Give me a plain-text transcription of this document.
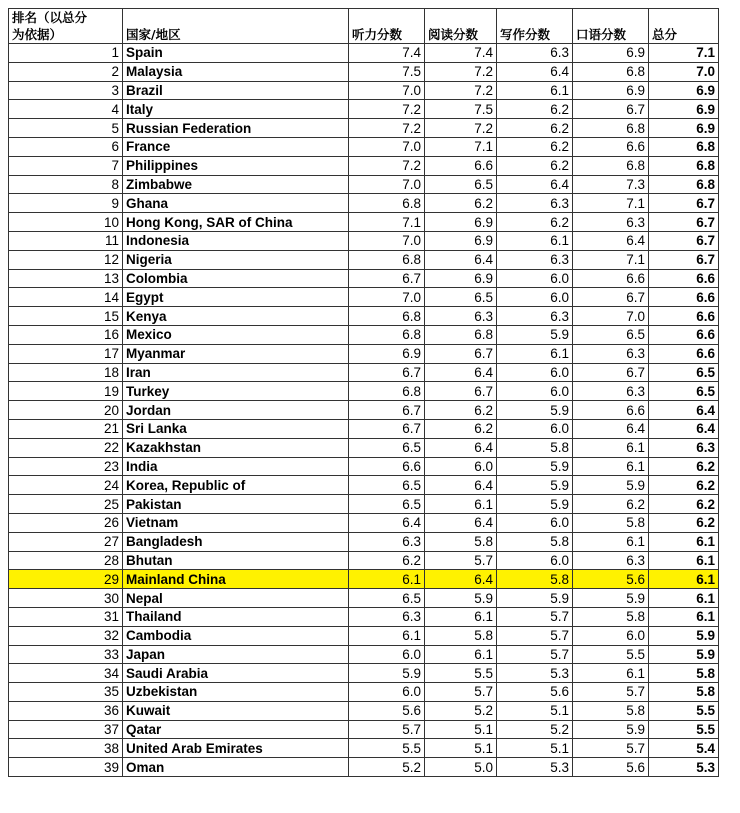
排名（以总分
为依据）	国家/地区	听力分数	阅读分数	写作分数	口语分数	总分
1	Spain	7.4	7.4	6.3	6.9	7.1
2	Malaysia	7.5	7.2	6.4	6.8	7.0
3	Brazil	7.0	7.2	6.1	6.9	6.9
4	Italy	7.2	7.5	6.2	6.7	6.9
5	Russian Federation	7.2	7.2	6.2	6.8	6.9
6	France	7.0	7.1	6.2	6.6	6.8
7	Philippines	7.2	6.6	6.2	6.8	6.8
8	Zimbabwe	7.0	6.5	6.4	7.3	6.8
9	Ghana	6.8	6.2	6.3	7.1	6.7
10	Hong Kong, SAR of China	7.1	6.9	6.2	6.3	6.7
11	Indonesia	7.0	6.9	6.1	6.4	6.7
12	Nigeria	6.8	6.4	6.3	7.1	6.7
13	Colombia	6.7	6.9	6.0	6.6	6.6
14	Egypt	7.0	6.5	6.0	6.7	6.6
15	Kenya	6.8	6.3	6.3	7.0	6.6
16	Mexico	6.8	6.8	5.9	6.5	6.6
17	Myanmar	6.9	6.7	6.1	6.3	6.6
18	Iran	6.7	6.4	6.0	6.7	6.5
19	Turkey	6.8	6.7	6.0	6.3	6.5
20	Jordan	6.7	6.2	5.9	6.6	6.4
21	Sri Lanka	6.7	6.2	6.0	6.4	6.4
22	Kazakhstan	6.5	6.4	5.8	6.1	6.3
23	India	6.6	6.0	5.9	6.1	6.2
24	Korea, Republic of	6.5	6.4	5.9	5.9	6.2
25	Pakistan	6.5	6.1	5.9	6.2	6.2
26	Vietnam	6.4	6.4	6.0	5.8	6.2
27	Bangladesh	6.3	5.8	5.8	6.1	6.1
28	Bhutan	6.2	5.7	6.0	6.3	6.1
29	Mainland China	6.1	6.4	5.8	5.6	6.1
30	Nepal	6.5	5.9	5.9	5.9	6.1
31	Thailand	6.3	6.1	5.7	5.8	6.1
32	Cambodia	6.1	5.8	5.7	6.0	5.9
33	Japan	6.0	6.1	5.7	5.5	5.9
34	Saudi Arabia	5.9	5.5	5.3	6.1	5.8
35	Uzbekistan	6.0	5.7	5.6	5.7	5.8
36	Kuwait	5.6	5.2	5.1	5.8	5.5
37	Qatar	5.7	5.1	5.2	5.9	5.5
38	United Arab Emirates	5.5	5.1	5.1	5.7	5.4
39	Oman	5.2	5.0	5.3	5.6	5.3
